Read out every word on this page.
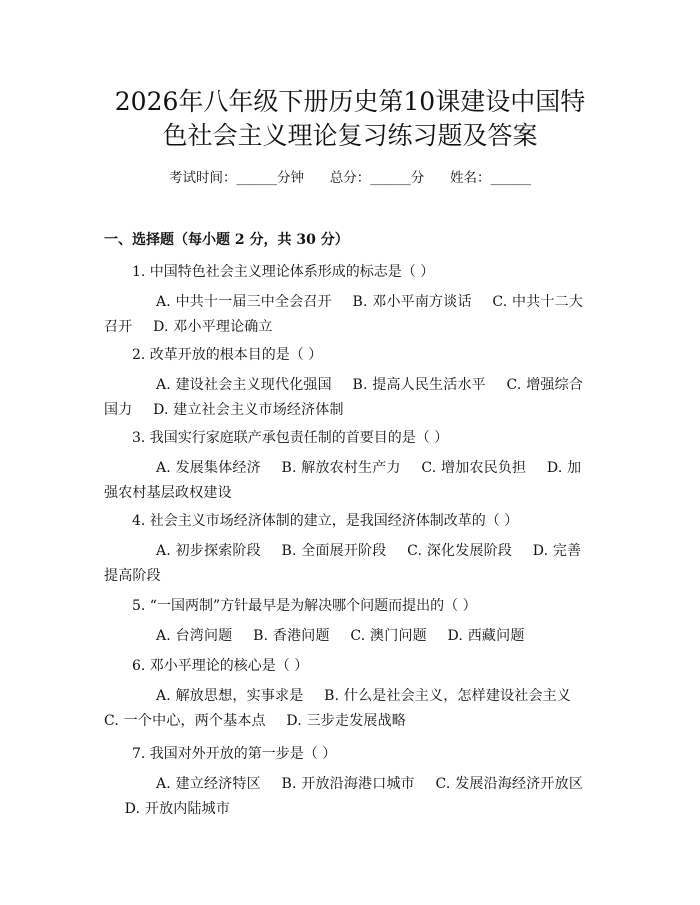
2026年八年级下册历史第10课建设中国特
色社会主义理论复习练习题及答案
考试时间：______分钟      总分：______分      姓名：______
一、选择题（每小题 2 分，共 30 分）
1. 中国特色社会主义理论体系形成的标志是（ ）
A. 中共十一届三中全会召开 B. 邓小平南方谈话 C. 中共十二大召开 D. 邓小平理论确立
2. 改革开放的根本目的是（ ）
A. 建设社会主义现代化强国 B. 提高人民生活水平 C. 增强综合国力 D. 建立社会主义市场经济体制
3. 我国实行家庭联产承包责任制的首要目的是（ ）
A. 发展集体经济 B. 解放农村生产力 C. 增加农民负担 D. 加强农村基层政权建设
4. 社会主义市场经济体制的建立，是我国经济体制改革的（ ）
A. 初步探索阶段 B. 全面展开阶段 C. 深化发展阶段 D. 完善提高阶段
5. “一国两制”方针最早是为解决哪个问题而提出的（ ）
A. 台湾问题 B. 香港问题 C. 澳门问题 D. 西藏问题
6. 邓小平理论的核心是（ ）
A. 解放思想，实事求是 B. 什么是社会主义，怎样建设社会主义 C. 一个中心，两个基本点 D. 三步走发展战略
7. 我国对外开放的第一步是（ ）
A. 建立经济特区 B. 开放沿海港口城市 C. 发展沿海经济开放区 D. 开放内陆城市
